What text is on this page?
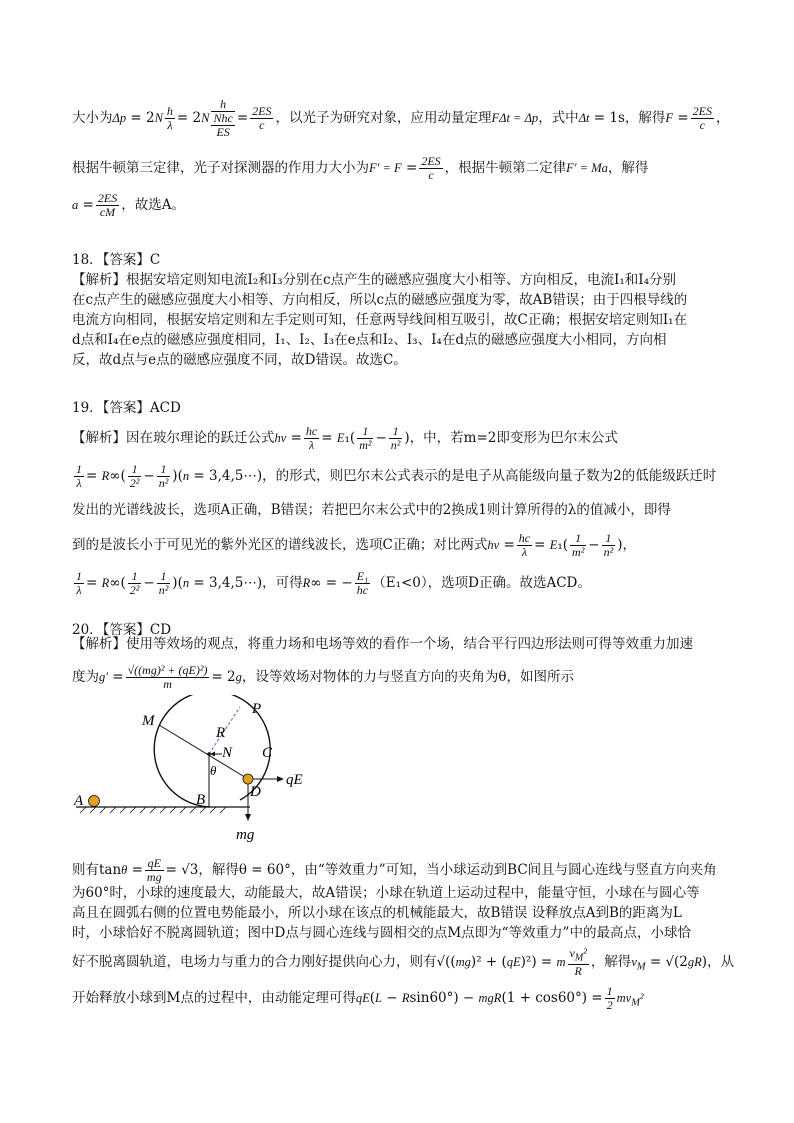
大小为$\Delta p = 2N \frac{h}{\lambda} = 2N$
h
Nhc
ES
= $\frac{2ES}{c}$ ，以光子为研究对象，应用动量定理FΔt = Δp，式中Δt = 1s，解得$F = \frac{2ES}{c}$ ，
根据牛顿第三定律，光子对探测器的作用力大小为$F' = F = \frac{2ES}{c}$ ，根据牛顿第二定律F′ = Ma，解得
$a = \frac{2ES}{cM}$ ，故选A。
18．【答案】C
【解析】根据安培定则知电流I₂和I₃分别在c点产生的磁感应强度大小相等、方向相反，电流I₁和I₄分别
在c点产生的磁感应强度大小相等、方向相反，所以c点的磁感应强度为零，故AB错误；由于四根导线的
电流方向相同，根据安培定则和左手定则可知，任意两导线间相互吸引，故C正确；根据安培定则知I₁在
d点和I₄在e点的磁感应强度相同，I₁、I₂、I₃在e点和I₂、I₃、I₄在d点的磁感应强度大小相同，方向相
反，故d点与e点的磁感应强度不同，故D错误。故选C。
19．【答案】ACD
【解析】因在玻尔理论的跃迁公式$h\nu = \frac{hc}{\lambda} = E_1( \frac{1}{\text{m²}} - \frac{1}{\text{n²}}$ )，中，若m=2即变形为巴尔末公式
$\frac{1}{\lambda} = R\infty( \frac{1}{\text{2²}} - \frac{1}{\text{n²}} )(n$ = 3,4,5⋯)，的形式，则巴尔末公式表示的是电子从高能级向量子数为2的低能级跃迁时
发出的光谱线波长，选项A正确，B错误；若把巴尔末公式中的2换成1则计算所得的λ的值减小，即得
到的是波长小于可见光的紫外光区的谱线波长，选项C正确；对比两式$h\nu = \frac{hc}{\lambda} = E_1( \frac{1}{\text{m²}} - \frac{1}{\text{n²}}$ )，
$\frac{1}{\lambda} = R\infty( \frac{1}{\text{2²}} - \frac{1}{\text{n²}} )(n$ = 3,4,5⋯)，可得R∞ = − $\frac{\text{E₁}}{hc} (E_1<0)$，选项D正确。故选ACD。
20．【答案】CD
【解析】使用等效场的观点，将重力场和电场等效的看作一个场，结合平行四边形法则可得等效重力加速
度为$g' = \frac{\text{√((mg)² + (qE)²)}}{m} = 2g$，设等效场对物体的力与竖直方向的夹角为θ，如图所示
M
P
R
N C
θ
qE
A	B	D
mg
则有$\tan\theta = \frac{qE}{mg} = √3$，解得θ = 60°，由“等效重力”可知，当小球运动到BC间且与圆心连线与竖直方向夹角
为60°时，小球的速度最大，动能最大，故A错误；小球在轨道上运动过程中，能量守恒，小球在与圆心等
高且在圆弧右侧的位置电势能最小，所以小球在该点的机械能最大，故B错误 设释放点A到B的距离为L
时，小球恰好不脱离圆轨道；图中D点与圆心连线与圆相交的点M点即为“等效重力”中的最高点，小球恰
好不脱离圆轨道，电场力与重力的合力刚好提供向心力，则有√((mg)² + (qE)²) = m $\frac{v_M^2}{R}$ ，解得$v_M = √(2gR)$，从
开始释放小球到M点的过程中，由动能定理可得$qE(L - Rsin60^\circ) - mgR(1 + \cos 60^\circ) = \frac{1}{2} mv_M^2$
